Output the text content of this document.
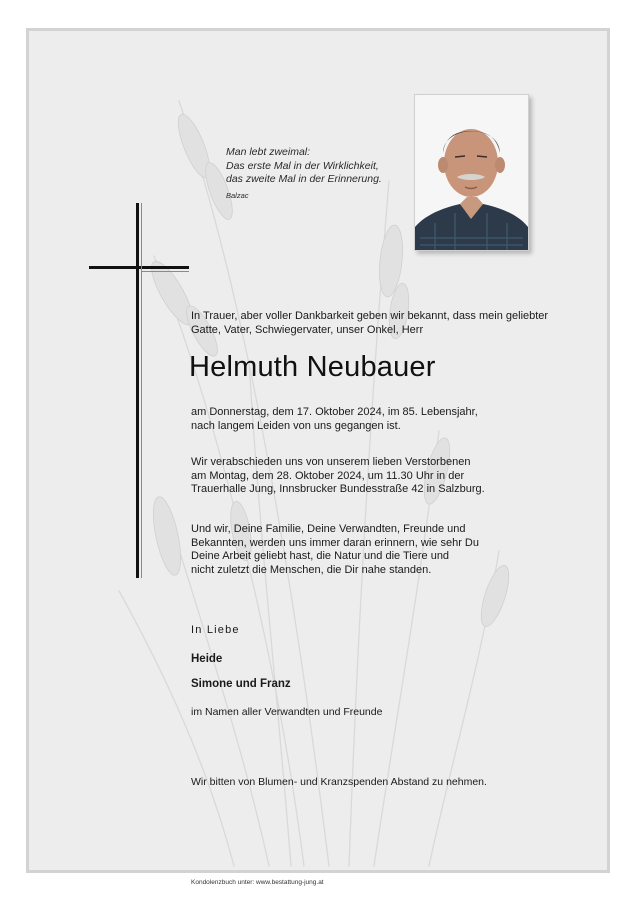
Man lebt zweimal:
Das erste Mal in der Wirklichkeit,
das zweite Mal in der Erinnerung.
Balzac
In Trauer, aber voller Dankbarkeit geben wir bekannt, dass mein geliebter Gatte, Vater, Schwiegervater, unser Onkel, Herr
Helmuth Neubauer
am Donnerstag, dem 17. Oktober 2024, im 85. Lebensjahr,
nach langem Leiden von uns gegangen ist.
Wir verabschieden uns von unserem lieben Verstorbenen
am Montag, dem 28. Oktober 2024, um 11.30 Uhr in der
Trauerhalle Jung, Innsbrucker Bundesstraße 42 in Salzburg.
Und wir, Deine Familie, Deine Verwandten, Freunde und
Bekannten, werden uns immer daran erinnern, wie sehr Du
Deine Arbeit geliebt hast, die Natur und die Tiere und
nicht zuletzt die Menschen, die Dir nahe standen.
In Liebe
Heide
Simone und Franz
im Namen aller Verwandten und Freunde
Wir bitten von Blumen- und Kranzspenden Abstand zu nehmen.
Kondolenzbuch unter: www.bestattung-jung.at
